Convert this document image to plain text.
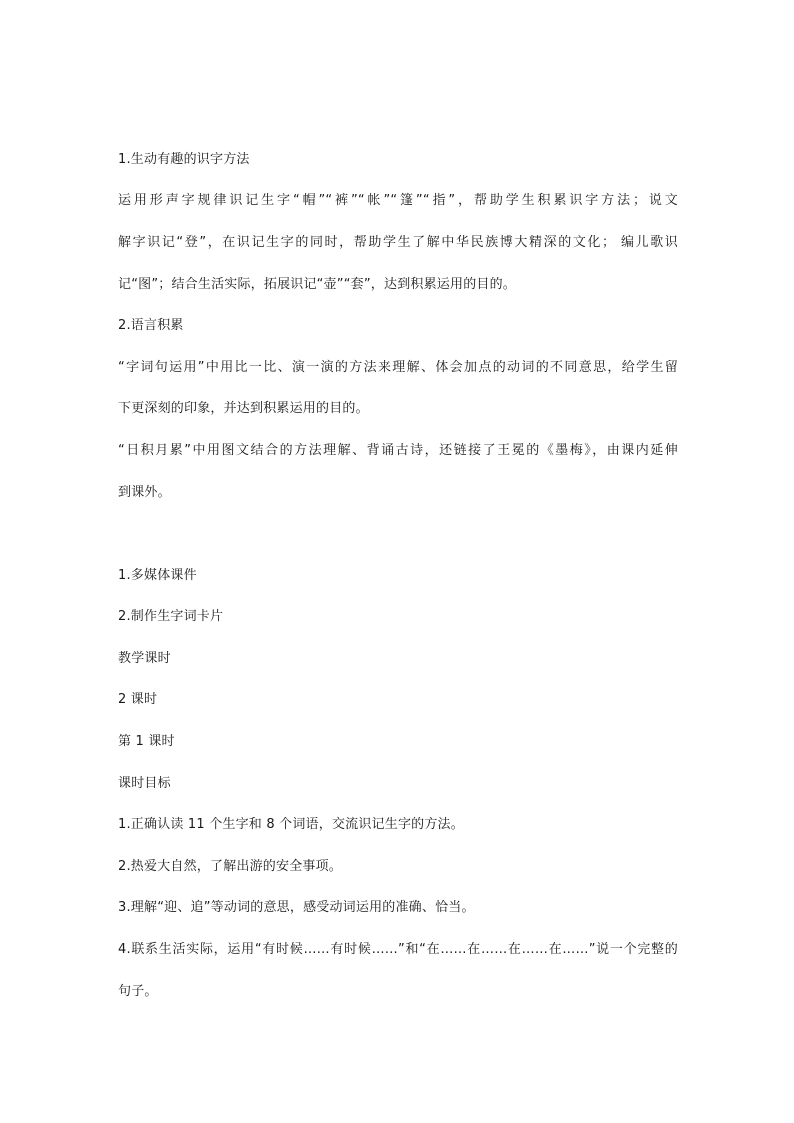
1.生动有趣的识字方法
运用形声字规律识记生字“帽”“裤”“帐”“篷”“指”，帮助学生积累识字方法；说文
解字识记“登”，在识记生字的同时，帮助学生了解中华民族博大精深的文化； 编儿歌识
记“图”；结合生活实际，拓展识记“壶”“套”，达到积累运用的目的。
2.语言积累
“字词句运用”中用比一比、演一演的方法来理解、体会加点的动词的不同意思，给学生留
下更深刻的印象，并达到积累运用的目的。
“日积月累”中用图文结合的方法理解、背诵古诗，还链接了王冕的《墨梅》，由课内延伸
到课外。
1.多媒体课件
2.制作生字词卡片
教学课时
2 课时
第 1 课时
课时目标
1.正确认读 11 个生字和 8 个词语，交流识记生字的方法。
2.热爱大自然，了解出游的安全事项。
3.理解“迎、追”等动词的意思，感受动词运用的准确、恰当。
4.联系生活实际，运用“有时候……有时候……”和“在……在……在……在……”说一个完整的
句子。
